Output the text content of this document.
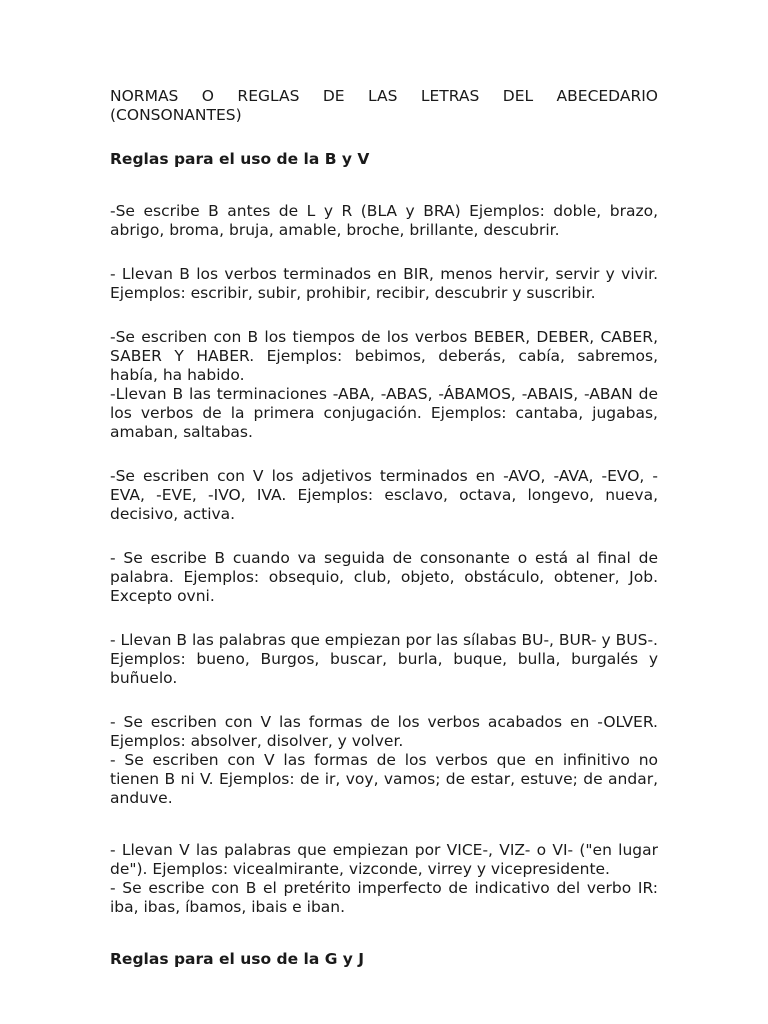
NORMAS O REGLAS DE LAS LETRAS DEL ABECEDARIO (CONSONANTES)

Reglas para el uso de la B y V

-Se escribe B antes de L y R (BLA y BRA) Ejemplos: doble, brazo, abrigo, broma, bruja, amable, broche, brillante, descubrir.

- Llevan B los verbos terminados en BIR, menos hervir, servir y vivir. Ejemplos: escribir, subir, prohibir, recibir, descubrir y suscribir.

-Se escriben con B los tiempos de los verbos BEBER, DEBER, CABER, SABER Y HABER. Ejemplos: bebimos, deberás, cabía, sabremos, había, ha habido.

-Llevan B las terminaciones -ABA, -ABAS, -ÁBAMOS, -ABAIS, -ABAN de los verbos de la primera conjugación. Ejemplos: cantaba, jugabas, amaban, saltabas.

-Se escriben con V los adjetivos terminados en -AVO, -AVA, -EVO, -EVA, -EVE, -IVO, IVA. Ejemplos: esclavo, octava, longevo, nueva, decisivo, activa.

- Se escribe B cuando va seguida de consonante o está al final de palabra. Ejemplos: obsequio, club, objeto, obstáculo, obtener, Job. Excepto ovni.

- Llevan B las palabras que empiezan por las sílabas BU-, BUR- y BUS-. Ejemplos: bueno, Burgos, buscar, burla, buque, bulla, burgalés y buñuelo.

- Se escriben con V las formas de los verbos acabados en -OLVER. Ejemplos: absolver, disolver, y volver.

- Se escriben con V las formas de los verbos que en infinitivo no tienen B ni V. Ejemplos: de ir, voy, vamos; de estar, estuve; de andar, anduve.

- Llevan V las palabras que empiezan por VICE-, VIZ- o VI- ("en lugar de"). Ejemplos: vicealmirante, vizconde, virrey y vicepresidente.

- Se escribe con B el pretérito imperfecto de indicativo del verbo IR: iba, ibas, íbamos, ibais e iban.

Reglas para el uso de la G y J
